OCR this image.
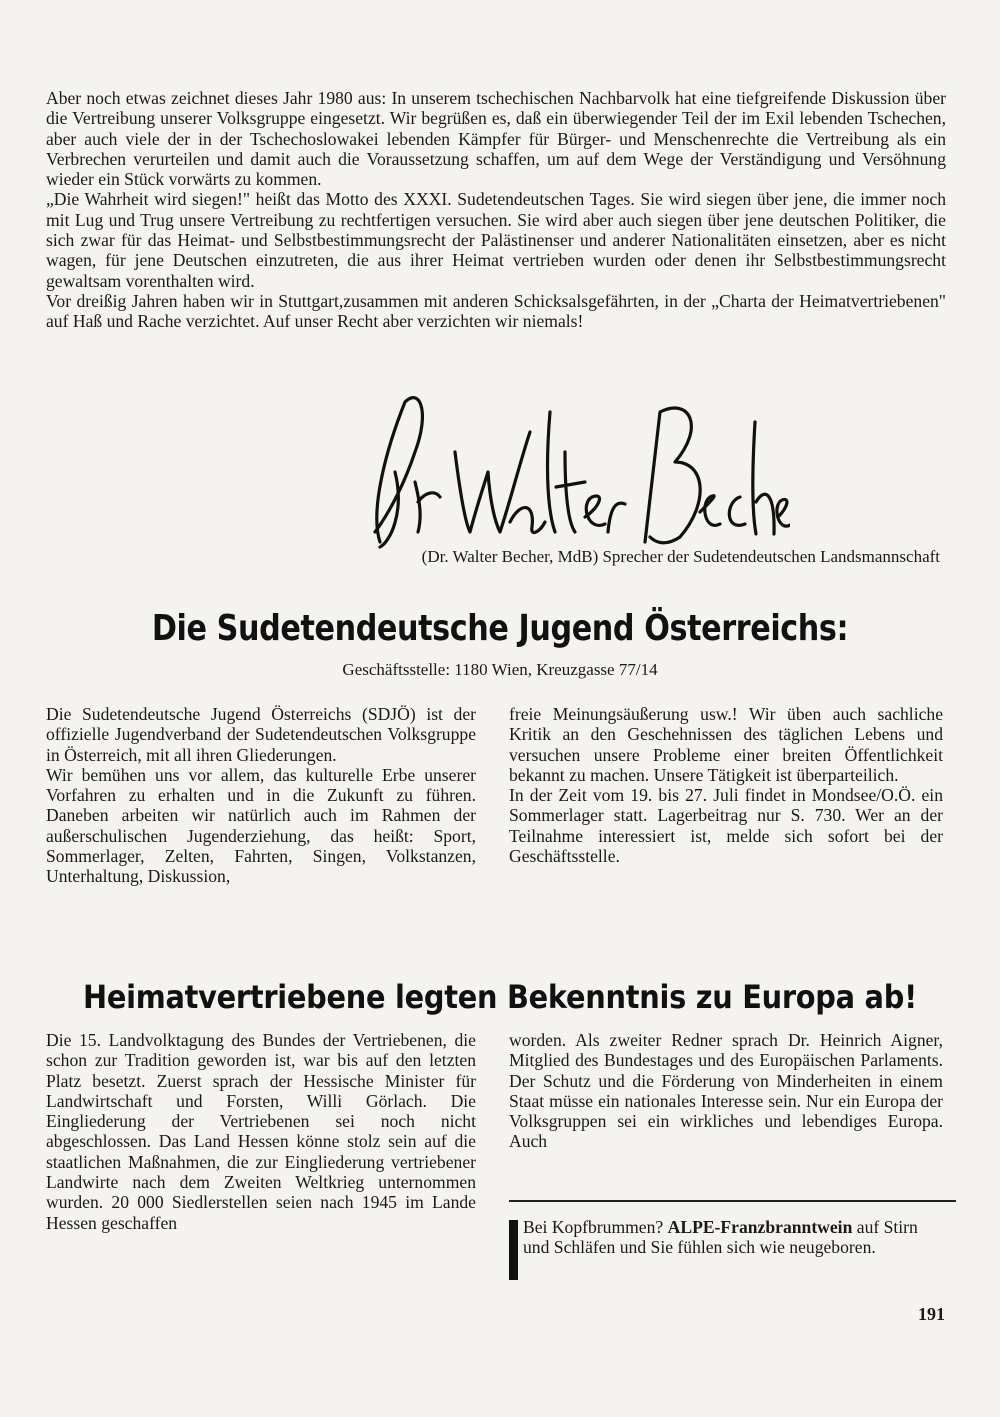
Aber noch etwas zeichnet dieses Jahr 1980 aus: In unserem tschechischen Nachbarvolk hat eine tiefgreifende Diskussion über die Vertreibung unserer Volksgruppe eingesetzt. Wir begrüßen es, daß ein überwiegender Teil der im Exil lebenden Tschechen, aber auch viele der in der Tschechoslowakei lebenden Kämpfer für Bürger- und Menschenrechte die Vertreibung als ein Verbrechen verurteilen und damit auch die Voraussetzung schaffen, um auf dem Wege der Verständigung und Versöhnung wieder ein Stück vorwärts zu kommen.

„Die Wahrheit wird siegen!" heißt das Motto des XXXI. Sudetendeutschen Tages. Sie wird siegen über jene, die immer noch mit Lug und Trug unsere Vertreibung zu rechtfertigen versuchen. Sie wird aber auch siegen über jene deutschen Politiker, die sich zwar für das Heimat- und Selbstbestimmungsrecht der Palästinenser und anderer Nationalitäten einsetzen, aber es nicht wagen, für jene Deutschen einzutreten, die aus ihrer Heimat vertrieben wurden oder denen ihr Selbstbestimmungsrecht gewaltsam vorenthalten wird.

Vor dreißig Jahren haben wir in Stuttgart,zusammen mit anderen Schicksalsgefährten, in der „Charta der Heimatvertriebenen" auf Haß und Rache verzichtet. Auf unser Recht aber verzichten wir niemals!

(Dr. Walter Becher, MdB) Sprecher der Sudetendeutschen Landsmannschaft
Die Sudetendeutsche Jugend Österreichs:
Geschäftsstelle: 1180 Wien, Kreuzgasse 77/14

Die Sudetendeutsche Jugend Österreichs (SDJÖ) ist der offizielle Jugendverband der Sudetendeutschen Volksgruppe in Österreich, mit all ihren Gliederungen.

Wir bemühen uns vor allem, das kulturelle Erbe unserer Vorfahren zu erhalten und in die Zukunft zu führen. Daneben arbeiten wir natürlich auch im Rahmen der außerschulischen Jugenderziehung, das heißt: Sport, Sommerlager, Zelten, Fahrten, Singen, Volkstanzen, Unterhaltung, Diskussion,

freie Meinungsäußerung usw.! Wir üben auch sachliche Kritik an den Geschehnissen des täglichen Lebens und versuchen unsere Probleme einer breiten Öffentlichkeit bekannt zu machen. Unsere Tätigkeit ist überparteilich.

In der Zeit vom 19. bis 27. Juli findet in Mondsee/O.Ö. ein Sommerlager statt. Lagerbeitrag nur S. 730. Wer an der Teilnahme interessiert ist, melde sich sofort bei der Geschäftsstelle.

Heimatvertriebene legten Bekenntnis zu Europa ab!

Die 15. Landvolktagung des Bundes der Vertriebenen, die schon zur Tradition geworden ist, war bis auf den letzten Platz besetzt. Zuerst sprach der Hessische Minister für Landwirtschaft und Forsten, Willi Görlach. Die Eingliederung der Vertriebenen sei noch nicht abgeschlossen. Das Land Hessen könne stolz sein auf die staatlichen Maßnahmen, die zur Eingliederung vertriebener Landwirte nach dem Zweiten Weltkrieg unternommen wurden. 20 000 Siedlerstellen seien nach 1945 im Lande Hessen geschaffen

worden. Als zweiter Redner sprach Dr. Heinrich Aigner, Mitglied des Bundestages und des Europäischen Parlaments. Der Schutz und die Förderung von Minderheiten in einem Staat müsse ein nationales Interesse sein. Nur ein Europa der Volksgruppen sei ein wirkliches und lebendiges Europa. Auch

Bei Kopfbrummen? ALPE-Franzbranntwein auf Stirn und Schläfen und Sie fühlen sich wie neugeboren.
191
